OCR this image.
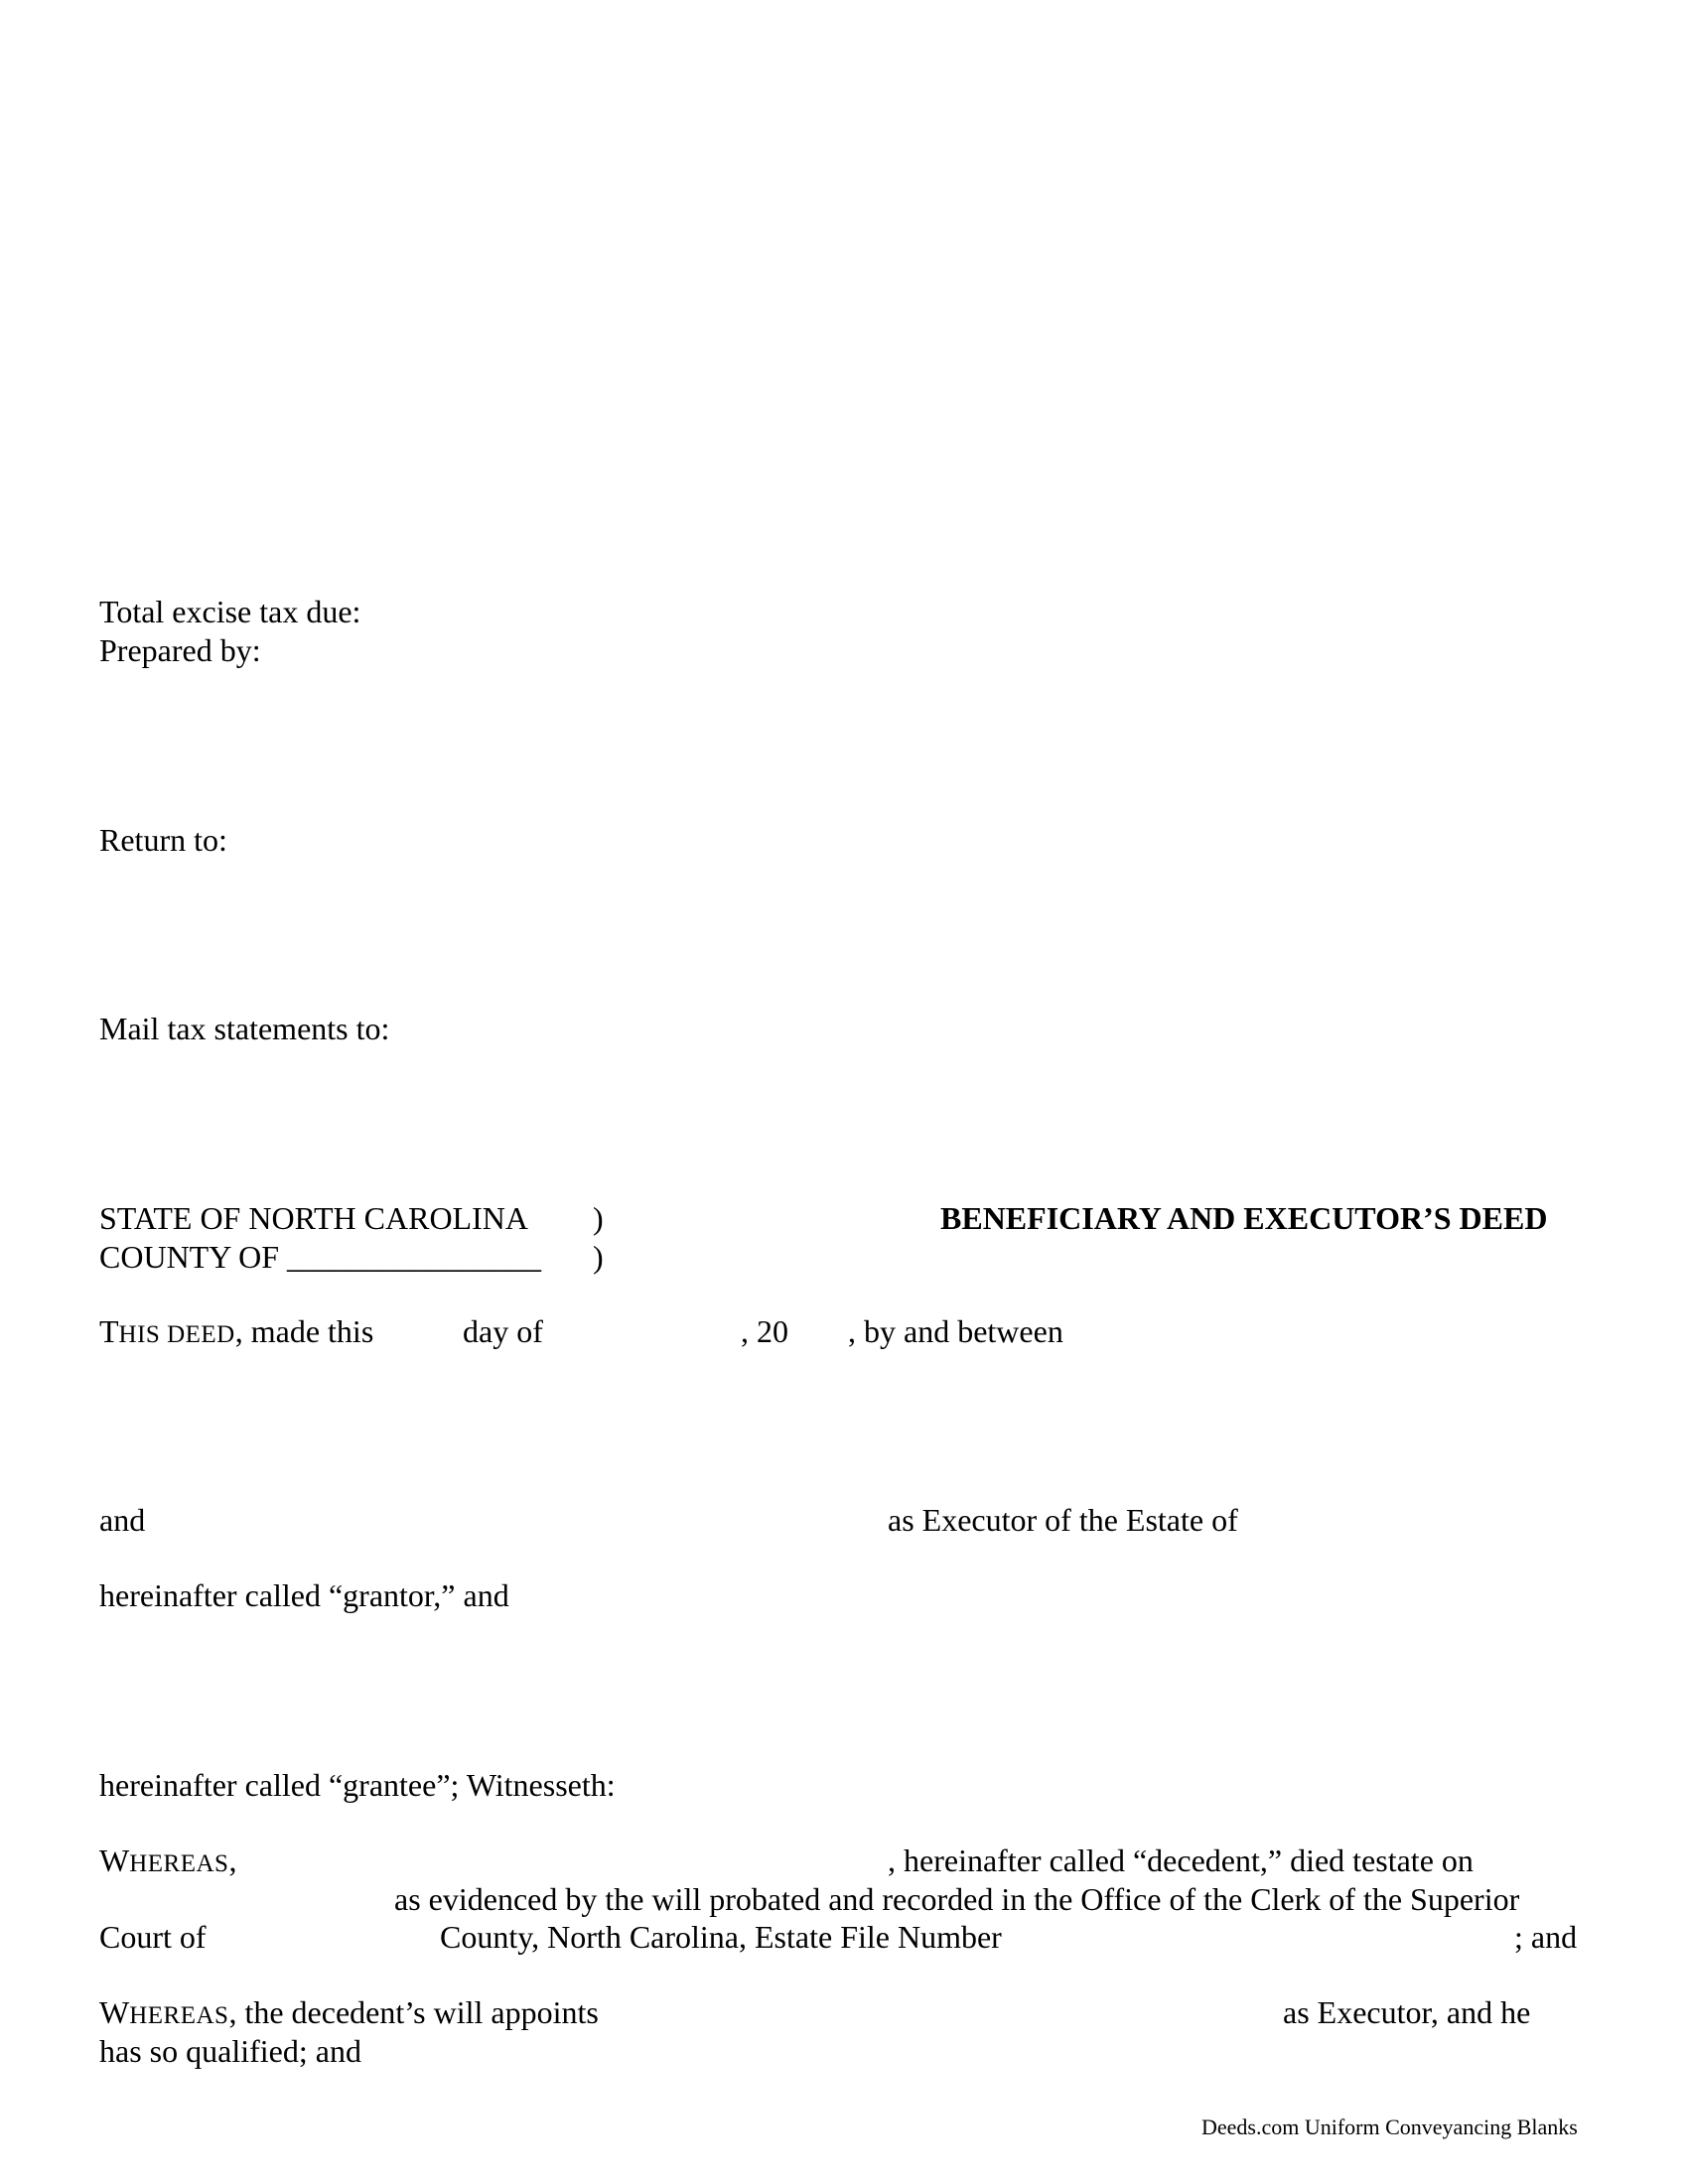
Total excise tax due:
Prepared by:
Return to:
Mail tax statements to:
STATE OF NORTH CAROLINA )	BENEFICIARY AND EXECUTOR’S DEED
COUNTY OF ________________ )
THIS DEED, made this	day of	, 20 , by and between
and	as Executor of the Estate of
hereinafter called “grantor,” and
hereinafter called “grantee”; Witnesseth:
WHEREAS,	, hereinafter called “decedent,” died testate on
as evidenced by the will probated and recorded in the Office of the Clerk of the Superior
Court of	County, North Carolina, Estate File Number	; and
WHEREAS, the decedent’s will appoints	as Executor, and he
has so qualified; and
Deeds.com Uniform Conveyancing Blanks
